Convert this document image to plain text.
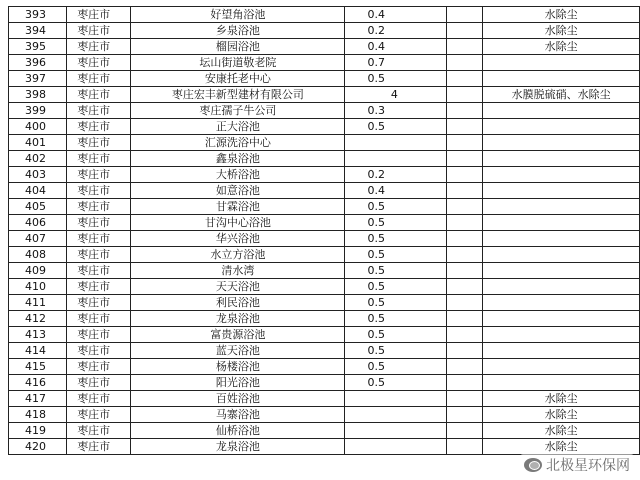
393	枣庄市	好望角浴池	0.4		水除尘
394	枣庄市	乡泉浴池	0.2		水除尘
395	枣庄市	榴园浴池	0.4		水除尘
396	枣庄市	坛山街道敬老院	0.7		
397	枣庄市	安康托老中心	0.5		
398	枣庄市	枣庄宏丰新型建材有限公司	4		水膜脱硫硝、水除尘
399	枣庄市	枣庄孺子牛公司	0.3		
400	枣庄市	正大浴池	0.5		
401	枣庄市	汇源洗浴中心			
402	枣庄市	鑫泉浴池			
403	枣庄市	大桥浴池	0.2		
404	枣庄市	如意浴池	0.4		
405	枣庄市	甘霖浴池	0.5		
406	枣庄市	甘沟中心浴池	0.5		
407	枣庄市	华兴浴池	0.5		
408	枣庄市	水立方浴池	0.5		
409	枣庄市	清水湾	0.5		
410	枣庄市	天天浴池	0.5		
411	枣庄市	利民浴池	0.5		
412	枣庄市	龙泉浴池	0.5		
413	枣庄市	富贵源浴池	0.5		
414	枣庄市	蓝天浴池	0.5		
415	枣庄市	杨楼浴池	0.5		
416	枣庄市	阳光浴池	0.5		
417	枣庄市	百姓浴池			水除尘
418	枣庄市	马寨浴池			水除尘
419	枣庄市	仙桥浴池			水除尘
420	枣庄市	龙泉浴池			水除尘
北极星环保网
